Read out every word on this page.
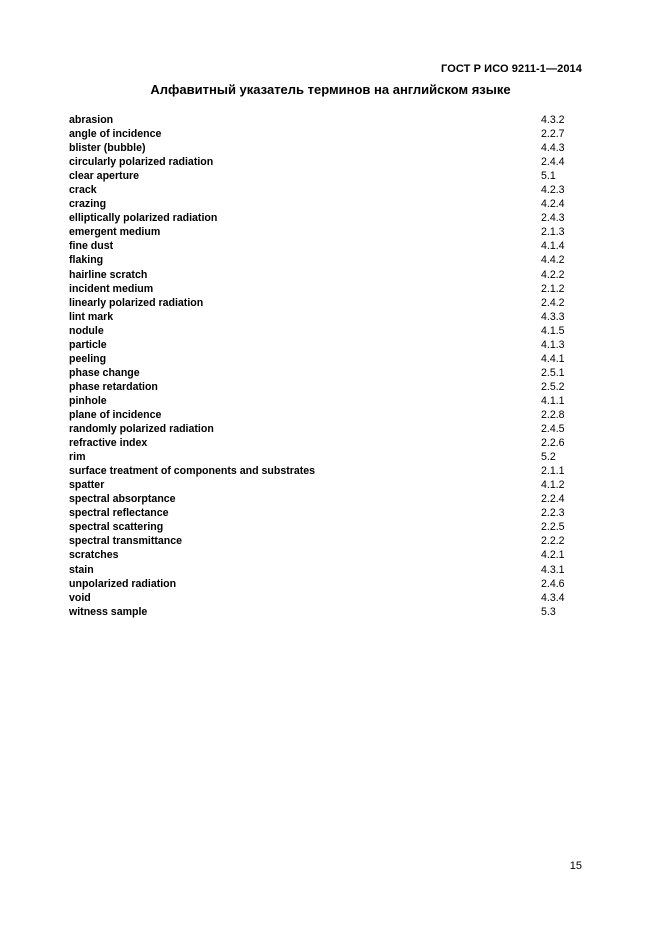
ГОСТ Р ИСО 9211-1—2014
Алфавитный указатель терминов на английском языке
abrasion	4.3.2
angle of incidence	2.2.7
blister (bubble)	4.4.3
circularly polarized radiation	2.4.4
clear aperture	5.1
crack	4.2.3
crazing	4.2.4
elliptically polarized radiation	2.4.3
emergent medium	2.1.3
fine dust	4.1.4
flaking	4.4.2
hairline scratch	4.2.2
incident medium	2.1.2
linearly polarized radiation	2.4.2
lint mark	4.3.3
nodule	4.1.5
particle	4.1.3
peeling	4.4.1
phase change	2.5.1
phase retardation	2.5.2
pinhole	4.1.1
plane of incidence	2.2.8
randomly polarized radiation	2.4.5
refractive index	2.2.6
rim	5.2
surface treatment of components and substrates	2.1.1
spatter	4.1.2
spectral absorptance	2.2.4
spectral reflectance	2.2.3
spectral scattering	2.2.5
spectral transmittance	2.2.2
scratches	4.2.1
stain	4.3.1
unpolarized radiation	2.4.6
void	4.3.4
witness sample	5.3
15
